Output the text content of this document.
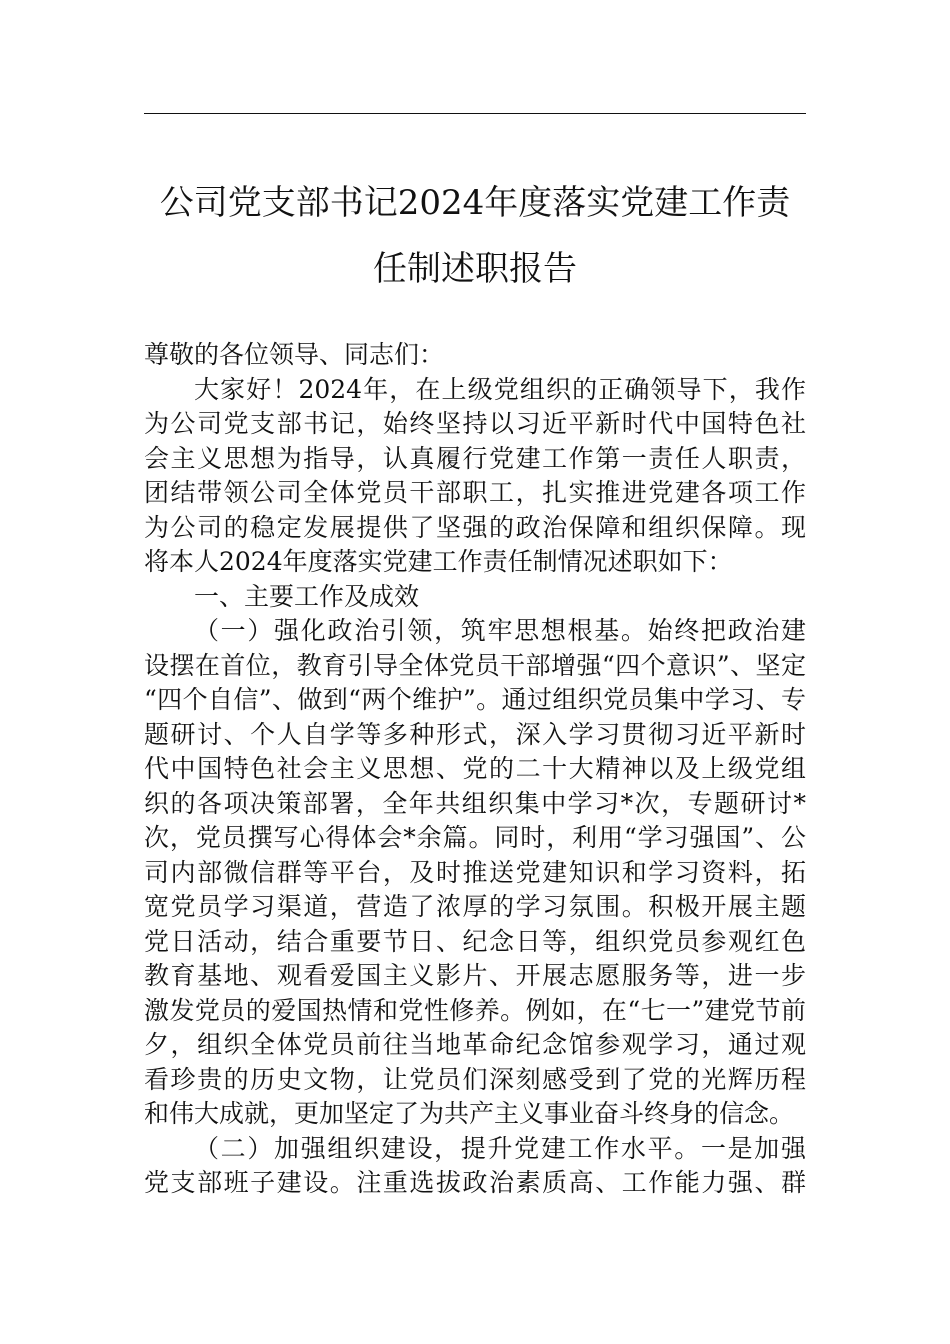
公司党支部书记2024年度落实党建工作责
任制述职报告
尊敬的各位领导、同志们：
大家好！2024年，在上级党组织的正确领导下，我作
为公司党支部书记，始终坚持以习近平新时代中国特色社
会主义思想为指导，认真履行党建工作第一责任人职责，
团结带领公司全体党员干部职工，扎实推进党建各项工作
为公司的稳定发展提供了坚强的政治保障和组织保障。现
将本人2024年度落实党建工作责任制情况述职如下：
一、主要工作及成效
（一）强化政治引领，筑牢思想根基。始终把政治建
设摆在首位，教育引导全体党员干部增强“四个意识”、坚定
“四个自信”、做到“两个维护”。通过组织党员集中学习、专
题研讨、个人自学等多种形式，深入学习贯彻习近平新时
代中国特色社会主义思想、党的二十大精神以及上级党组
织的各项决策部署，全年共组织集中学习*次，专题研讨*
次，党员撰写心得体会*余篇。同时，利用“学习强国”、公
司内部微信群等平台，及时推送党建知识和学习资料，拓
宽党员学习渠道，营造了浓厚的学习氛围。积极开展主题
党日活动，结合重要节日、纪念日等，组织党员参观红色
教育基地、观看爱国主义影片、开展志愿服务等，进一步
激发党员的爱国热情和党性修养。例如，在“七一”建党节前
夕，组织全体党员前往当地革命纪念馆参观学习，通过观
看珍贵的历史文物，让党员们深刻感受到了党的光辉历程
和伟大成就，更加坚定了为共产主义事业奋斗终身的信念。
（二）加强组织建设，提升党建工作水平。一是加强
党支部班子建设。注重选拔政治素质高、工作能力强、群
